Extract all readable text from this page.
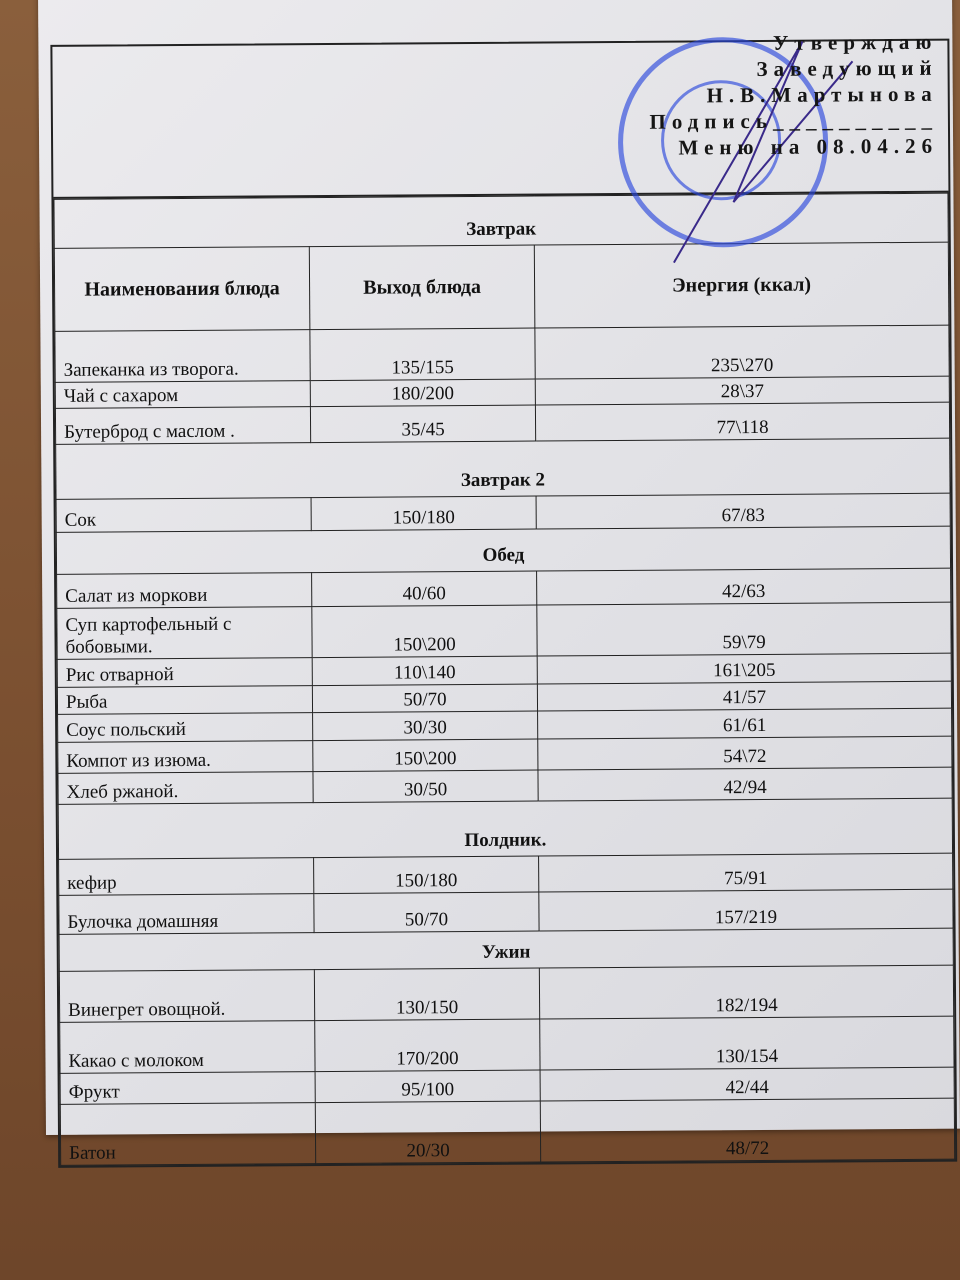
Утверждаю
Заведующий
Н.В.Мартынова
Подпись__________
Меню на 08.04.26
Завтрак		
Наименования блюда	Выход блюда	Энергия (ккал)
Запеканка из творога.	135/155	235\270
Чай с сахаром	180/200	28\37
Бутерброд с маслом .	35/45	77\118
Завтрак 2		
Сок	150/180	67/83
Обед		
Салат из моркови	40/60	42/63
Суп картофельный с бобовыми.	150\200	59\79
Рис отварной	110\140	161\205
Рыба	50/70	41/57
Соус польский	30/30	61/61
Компот из изюма.	150\200	54\72
Хлеб ржаной.	30/50	42/94
Полдник.		
кефир	150/180	75/91
Булочка домашняя	50/70	157/219
Ужин		
Винегрет овощной.	130/150	182/194
Какао с молоком	170/200	130/154
Фрукт	95/100	42/44
Батон	20/30	48/72
